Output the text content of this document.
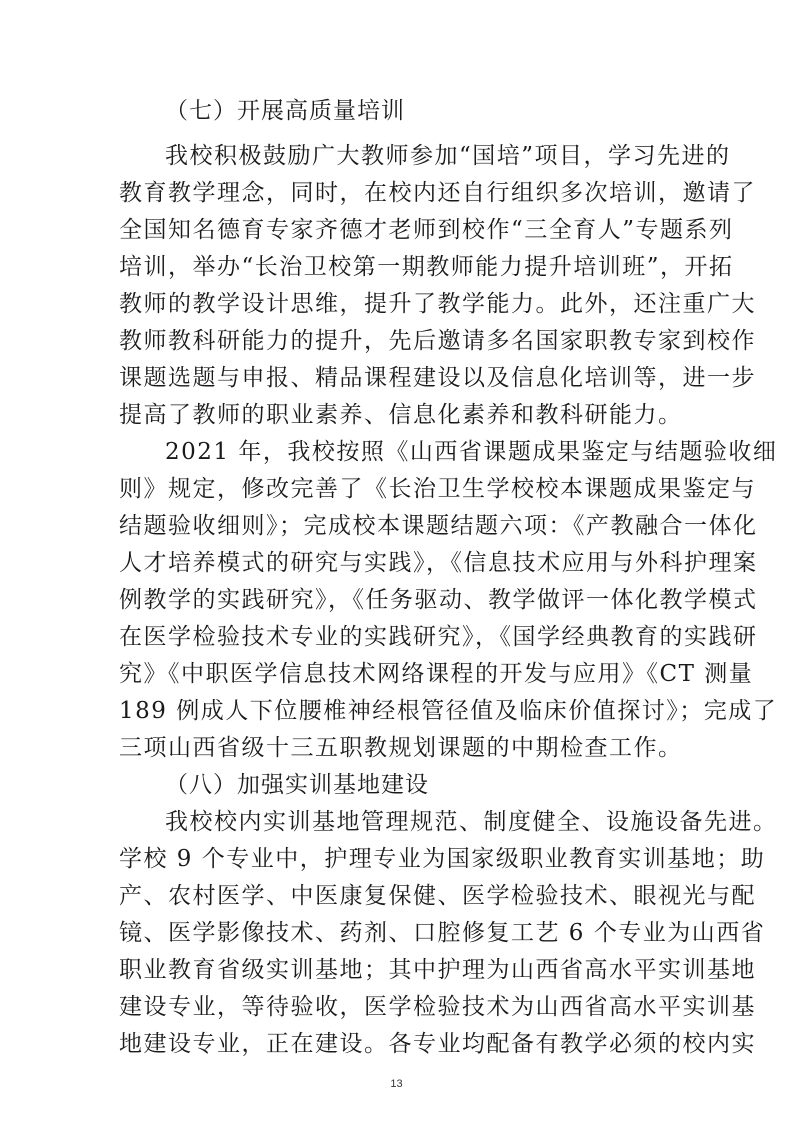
（七）开展高质量培训
我校积极鼓励广大教师参加“国培”项目，学习先进的
教育教学理念，同时，在校内还自行组织多次培训，邀请了
全国知名德育专家齐德才老师到校作“三全育人”专题系列
培训，举办“长治卫校第一期教师能力提升培训班”，开拓
教师的教学设计思维，提升了教学能力。此外，还注重广大
教师教科研能力的提升，先后邀请多名国家职教专家到校作
课题选题与申报、精品课程建设以及信息化培训等，进一步
提高了教师的职业素养、信息化素养和教科研能力。
2021 年，我校按照《山西省课题成果鉴定与结题验收细
则》规定，修改完善了《长治卫生学校校本课题成果鉴定与
结题验收细则》；完成校本课题结题六项：《产教融合一体化
人才培养模式的研究与实践》，《信息技术应用与外科护理案
例教学的实践研究》，《任务驱动、教学做评一体化教学模式
在医学检验技术专业的实践研究》，《国学经典教育的实践研
究》《中职医学信息技术网络课程的开发与应用》《CT 测量
189 例成人下位腰椎神经根管径值及临床价值探讨》；完成了
三项山西省级十三五职教规划课题的中期检查工作。
（八）加强实训基地建设
我校校内实训基地管理规范、制度健全、设施设备先进。
学校 9 个专业中，护理专业为国家级职业教育实训基地；助
产、农村医学、中医康复保健、医学检验技术、眼视光与配
镜、医学影像技术、药剂、口腔修复工艺 6 个专业为山西省
职业教育省级实训基地；其中护理为山西省高水平实训基地
建设专业，等待验收，医学检验技术为山西省高水平实训基
地建设专业，正在建设。各专业均配备有教学必须的校内实
13
